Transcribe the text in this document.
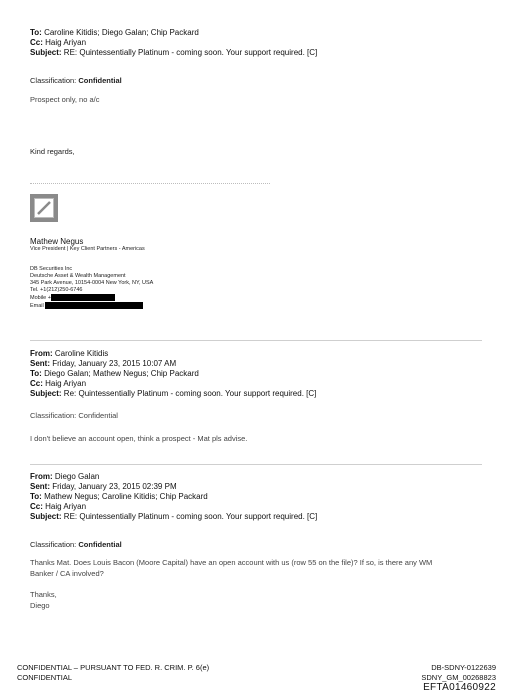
To: Caroline Kitidis; Diego Galan; Chip Packard
Cc: Haig Ariyan
Subject: RE: Quintessentially Platinum - coming soon. Your support required. [C]
Classification: Confidential
Prospect only, no a/c
Kind regards,
Mathew Negus
Vice President | Key Client Partners - Americas
DB Securities Inc
Deutsche Asset & Wealth Management
345 Park Avenue, 10154-0004 New York, NY, USA
Tel. +1(212)250-6746
Mobile +
Email
From: Caroline Kitidis
Sent: Friday, January 23, 2015 10:07 AM
To: Diego Galan; Mathew Negus; Chip Packard
Cc: Haig Ariyan
Subject: Re: Quintessentially Platinum - coming soon. Your support required. [C]
Classification: Confidential
I don't believe an account open, think a prospect - Mat pls advise.
From: Diego Galan
Sent: Friday, January 23, 2015 02:39 PM
To: Mathew Negus; Caroline Kitidis; Chip Packard
Cc: Haig Ariyan
Subject: RE: Quintessentially Platinum - coming soon. Your support required. [C]
Classification: Confidential
Thanks Mat. Does Louis Bacon (Moore Capital) have an open account with us (row 55 on the file)? If so, is there any WM
Banker / CA involved?
Thanks,
Diego
CONFIDENTIAL – PURSUANT TO FED. R. CRIM. P. 6(e)
CONFIDENTIAL
DB-SDNY-0122639
SDNY_GM_00268823
EFTA01460922
